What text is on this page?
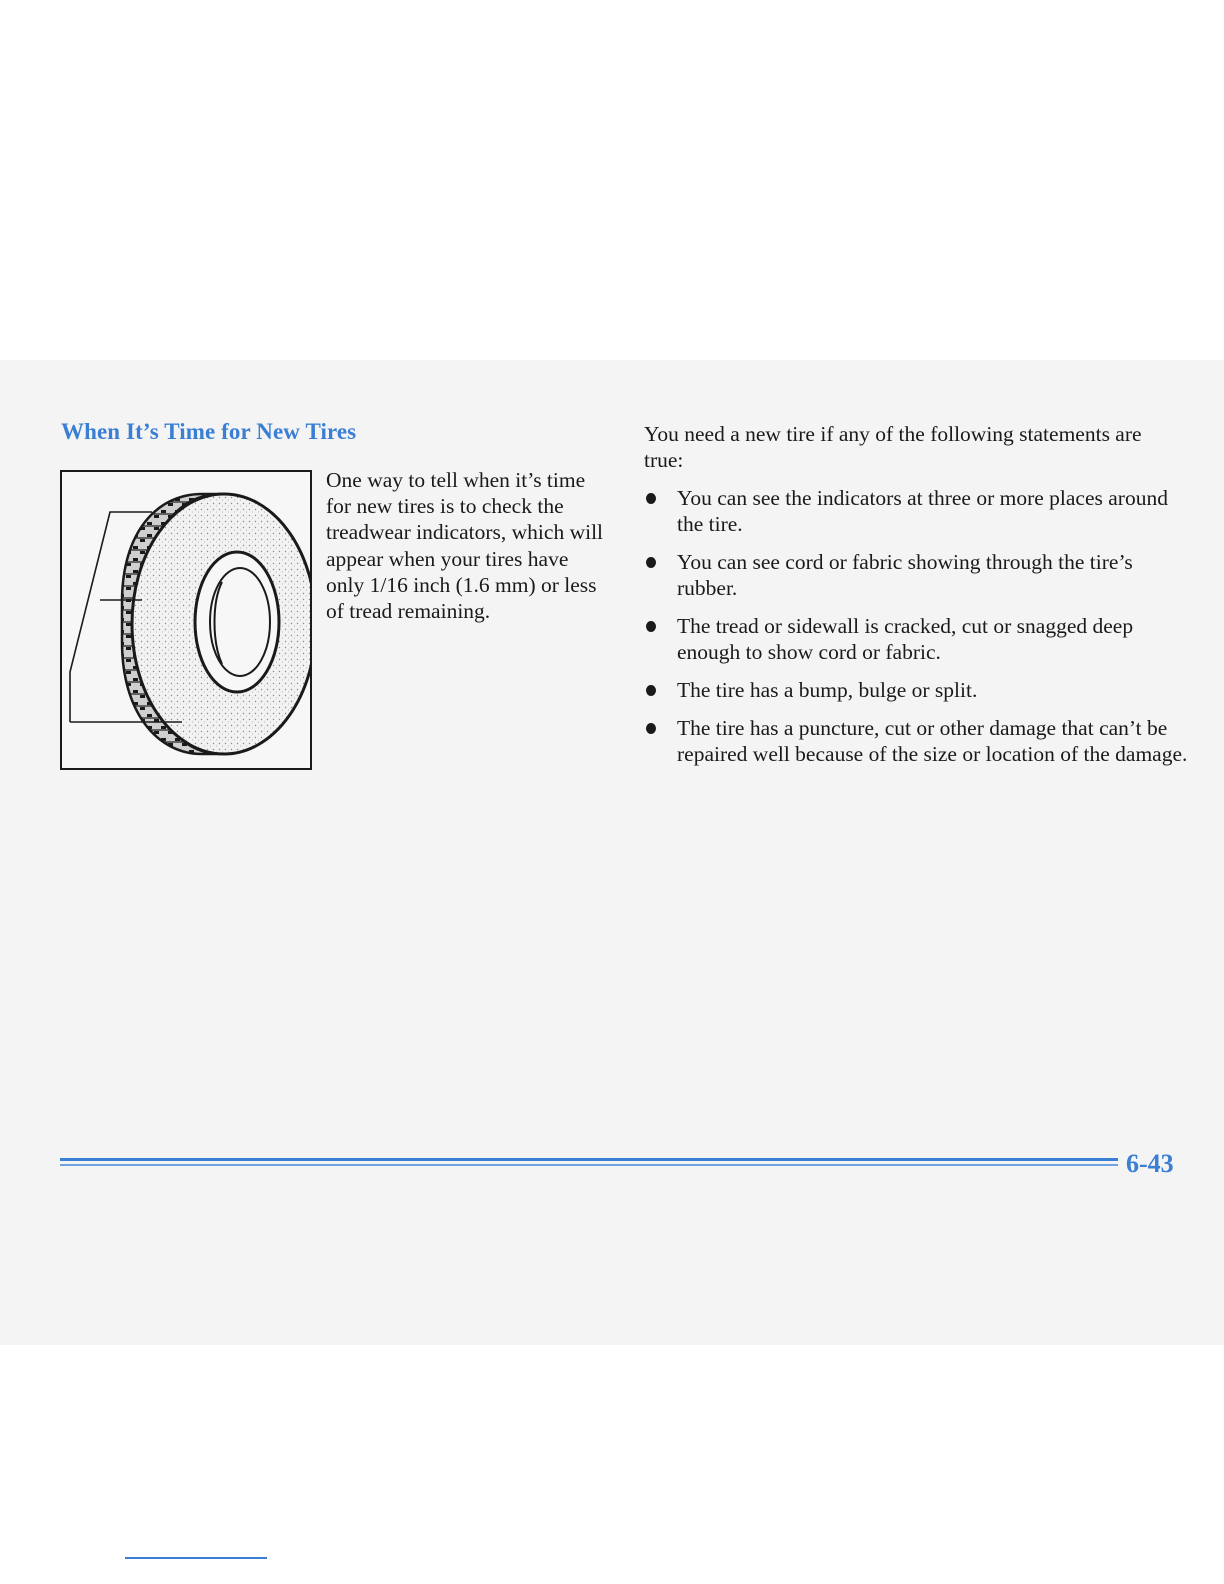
When It’s Time for New Tires

One way to tell when it’s time for new tires is to check the treadwear indicators, which will appear when your tires have only 1/16 inch (1.6 mm) or less of tread remaining.

You need a new tire if any of the following statements are true:

You can see the indicators at three or more places around the tire.
You can see cord or fabric showing through the tire’s rubber.
The tread or sidewall is cracked, cut or snagged deep enough to show cord or fabric.
The tire has a bump, bulge or split.
The tire has a puncture, cut or other damage that can’t be repaired well because of the size or location of the damage.

6-43
